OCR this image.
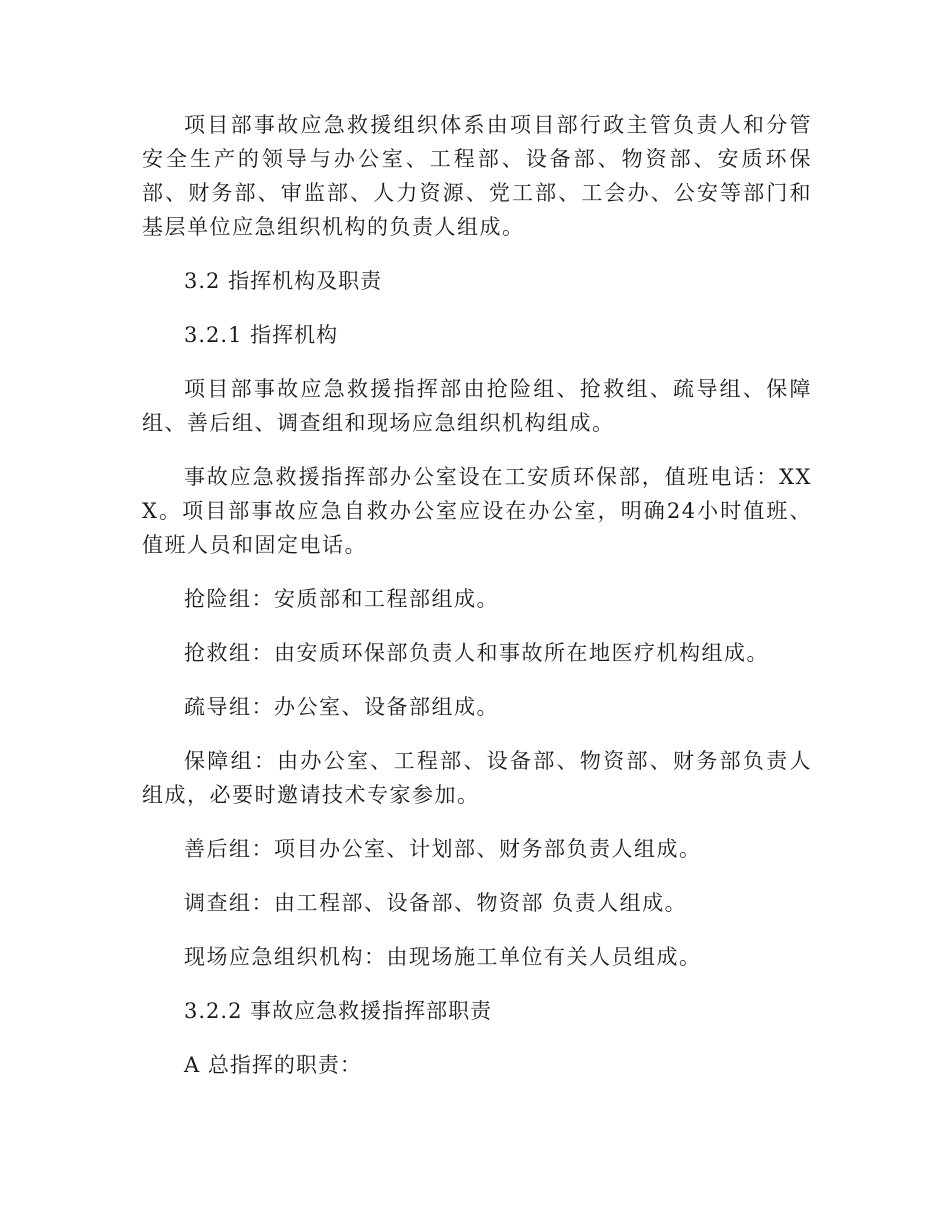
项目部事故应急救援组织体系由项目部行政主管负责人和分管安全生产的领导与办公室、工程部、设备部、物资部、安质环保部、财务部、审监部、人力资源、党工部、工会办、公安等部门和基层单位应急组织机构的负责人组成。

3.2 指挥机构及职责

3.2.1 指挥机构

项目部事故应急救援指挥部由抢险组、抢救组、疏导组、保障组、善后组、调查组和现场应急组织机构组成。

事故应急救援指挥部办公室设在工安质环保部，值班电话：XXX。项目部事故应急自救办公室应设在办公室，明确24小时值班、值班人员和固定电话。

抢险组：安质部和工程部组成。

抢救组：由安质环保部负责人和事故所在地医疗机构组成。

疏导组：办公室、设备部组成。

保障组：由办公室、工程部、设备部、物资部、财务部负责人组成，必要时邀请技术专家参加。

善后组：项目办公室、计划部、财务部负责人组成。

调查组：由工程部、设备部、物资部 负责人组成。

现场应急组织机构：由现场施工单位有关人员组成。

3.2.2 事故应急救援指挥部职责

A 总指挥的职责：
